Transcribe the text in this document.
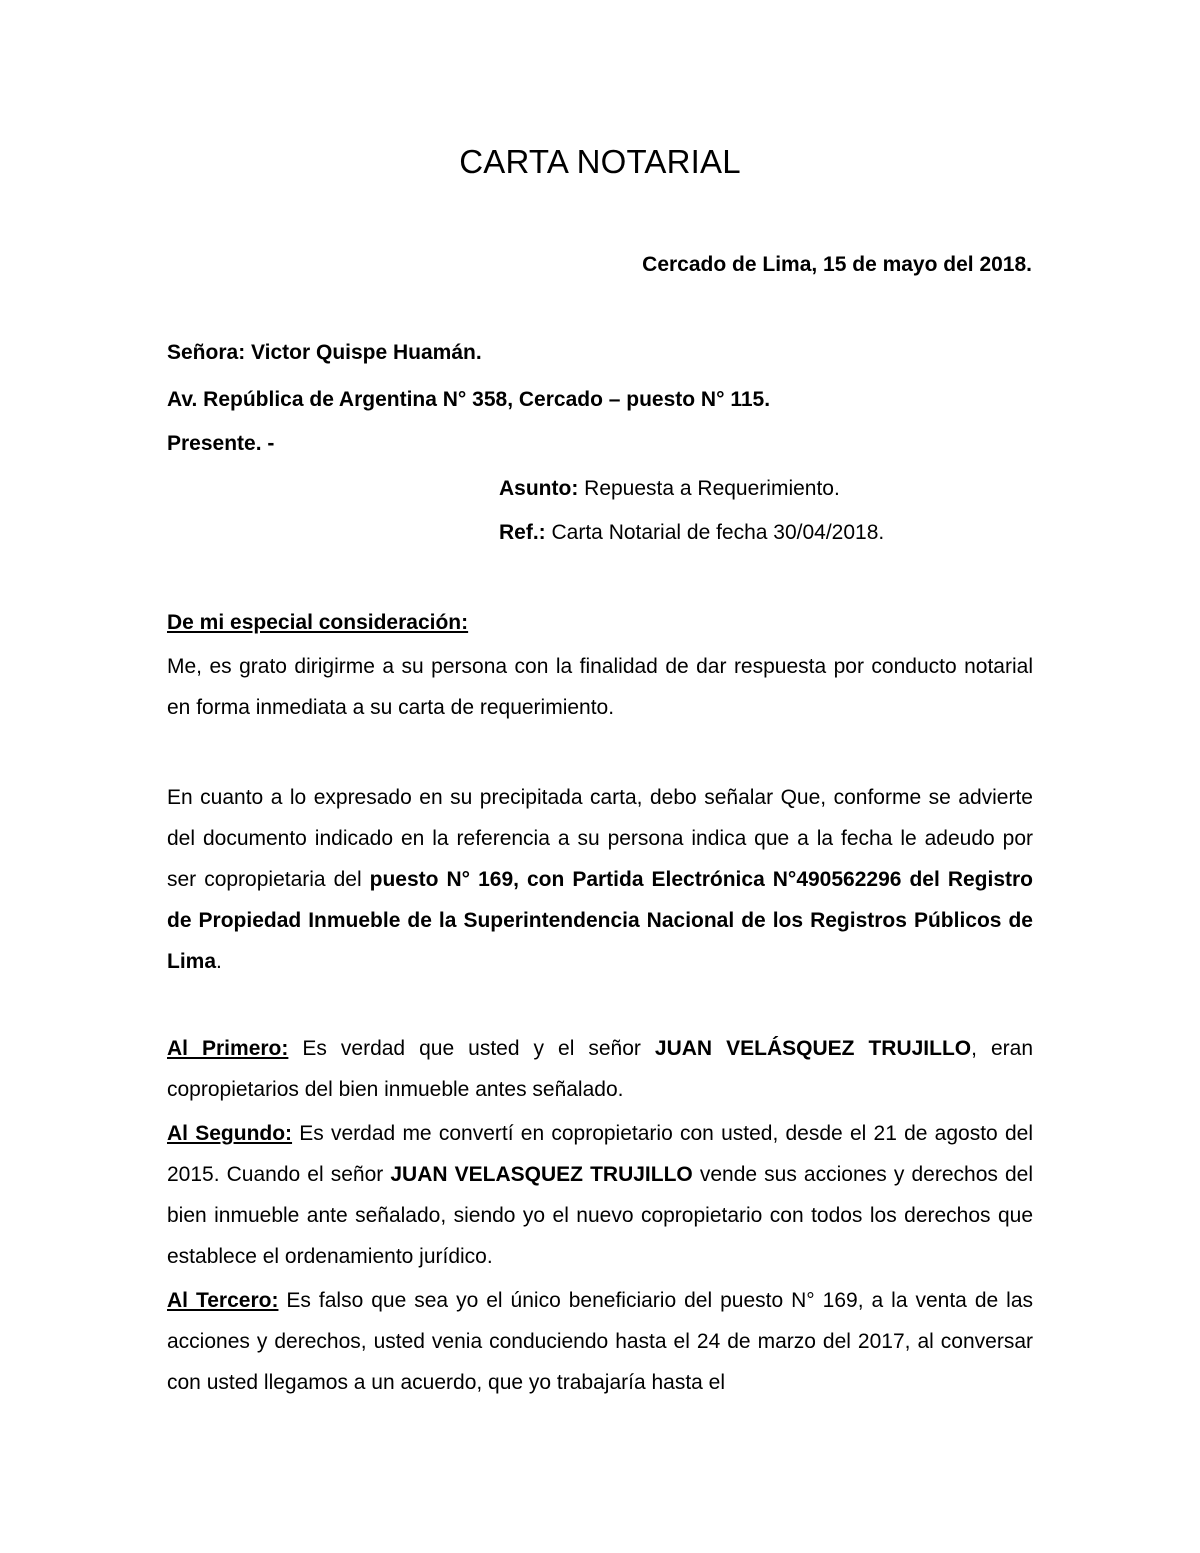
CARTA NOTARIAL

Cercado de Lima, 15 de mayo del 2018.

Señora: Victor Quispe Huamán.

Av. República de Argentina N° 358, Cercado – puesto N° 115.

Presente. -

Asunto: Repuesta a Requerimiento.

Ref.: Carta Notarial de fecha 30/04/2018.

De mi especial consideración:

Me, es grato dirigirme a su persona con la finalidad de dar respuesta por conducto notarial en forma inmediata a su carta de requerimiento.

En cuanto a lo expresado en su precipitada carta, debo señalar Que, conforme se advierte del documento indicado en la referencia a su persona indica que a la fecha le adeudo por ser copropietaria del puesto N° 169, con Partida Electrónica N°490562296 del Registro de Propiedad Inmueble de la Superintendencia Nacional de los Registros Públicos de Lima.

Al Primero: Es verdad que usted y el señor JUAN VELÁSQUEZ TRUJILLO, eran copropietarios del bien inmueble antes señalado.

Al Segundo: Es verdad me convertí en copropietario con usted, desde el 21 de agosto del 2015. Cuando el señor JUAN VELASQUEZ TRUJILLO vende sus acciones y derechos del bien inmueble ante señalado, siendo yo el nuevo copropietario con todos los derechos que establece el ordenamiento jurídico.

Al Tercero: Es falso que sea yo el único beneficiario del puesto N° 169, a la venta de las acciones y derechos, usted venia conduciendo hasta el 24 de marzo del 2017, al conversar con usted llegamos a un acuerdo, que yo trabajaría hasta el
